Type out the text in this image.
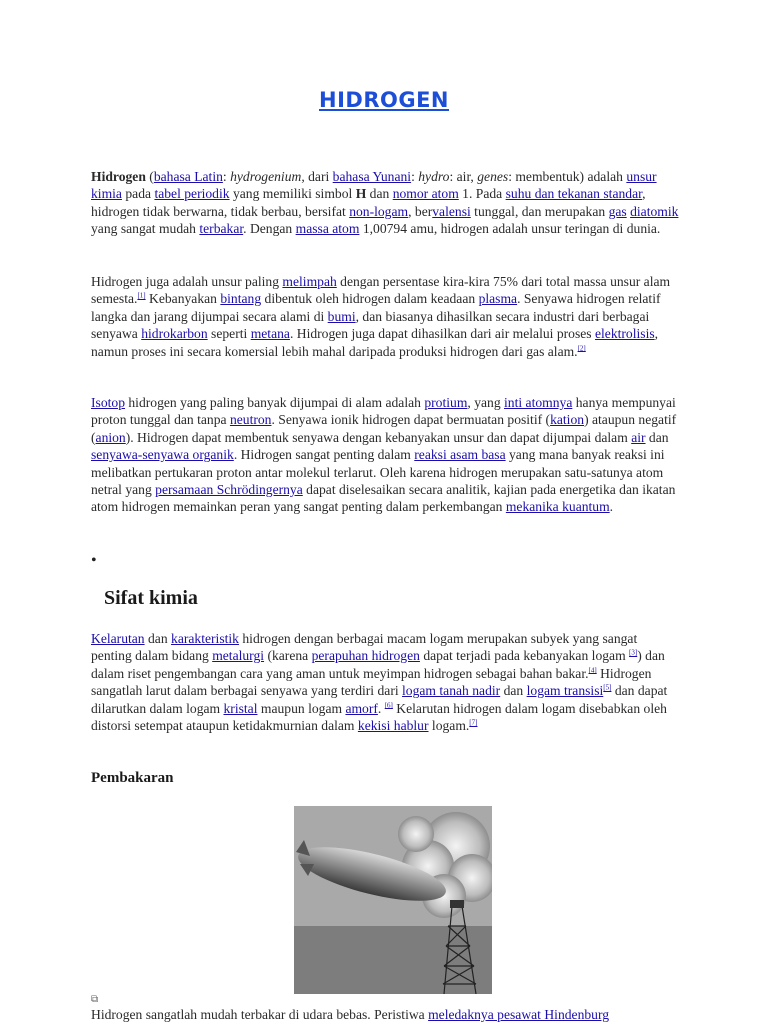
HIDROGEN

Hidrogen (bahasa Latin: hydrogenium, dari bahasa Yunani: hydro: air, genes: membentuk) adalah unsur kimia pada tabel periodik yang memiliki simbol H dan nomor atom 1. Pada suhu dan tekanan standar, hidrogen tidak berwarna, tidak berbau, bersifat non-logam, bervalensi tunggal, dan merupakan gas diatomik yang sangat mudah terbakar. Dengan massa atom 1,00794 amu, hidrogen adalah unsur teringan di dunia.

Hidrogen juga adalah unsur paling melimpah dengan persentase kira-kira 75% dari total massa unsur alam semesta.[1] Kebanyakan bintang dibentuk oleh hidrogen dalam keadaan plasma. Senyawa hidrogen relatif langka dan jarang dijumpai secara alami di bumi, dan biasanya dihasilkan secara industri dari berbagai senyawa hidrokarbon seperti metana. Hidrogen juga dapat dihasilkan dari air melalui proses elektrolisis, namun proses ini secara komersial lebih mahal daripada produksi hidrogen dari gas alam.[2]

Isotop hidrogen yang paling banyak dijumpai di alam adalah protium, yang inti atomnya hanya mempunyai proton tunggal dan tanpa neutron. Senyawa ionik hidrogen dapat bermuatan positif (kation) ataupun negatif (anion). Hidrogen dapat membentuk senyawa dengan kebanyakan unsur dan dapat dijumpai dalam air dan senyawa-senyawa organik. Hidrogen sangat penting dalam reaksi asam basa yang mana banyak reaksi ini melibatkan pertukaran proton antar molekul terlarut. Oleh karena hidrogen merupakan satu-satunya atom netral yang persamaan Schrödingernya dapat diselesaikan secara analitik, kajian pada energetika dan ikatan atom hidrogen memainkan peran yang sangat penting dalam perkembangan mekanika kuantum.

•
Sifat kimia

Kelarutan dan karakteristik hidrogen dengan berbagai macam logam merupakan subyek yang sangat penting dalam bidang metalurgi (karena perapuhan hidrogen dapat terjadi pada kebanyakan logam [3]) dan dalam riset pengembangan cara yang aman untuk meyimpan hidrogen sebagai bahan bakar.[4] Hidrogen sangatlah larut dalam berbagai senyawa yang terdiri dari logam tanah nadir dan logam transisi[5] dan dapat dilarutkan dalam logam kristal maupun logam amorf. [6] Kelarutan hidrogen dalam logam disebabkan oleh distorsi setempat ataupun ketidakmurnian dalam kekisi hablur logam.[7]

Pembakaran
⧉

Hidrogen sangatlah mudah terbakar di udara bebas. Peristiwa meledaknya pesawat Hindenburg
